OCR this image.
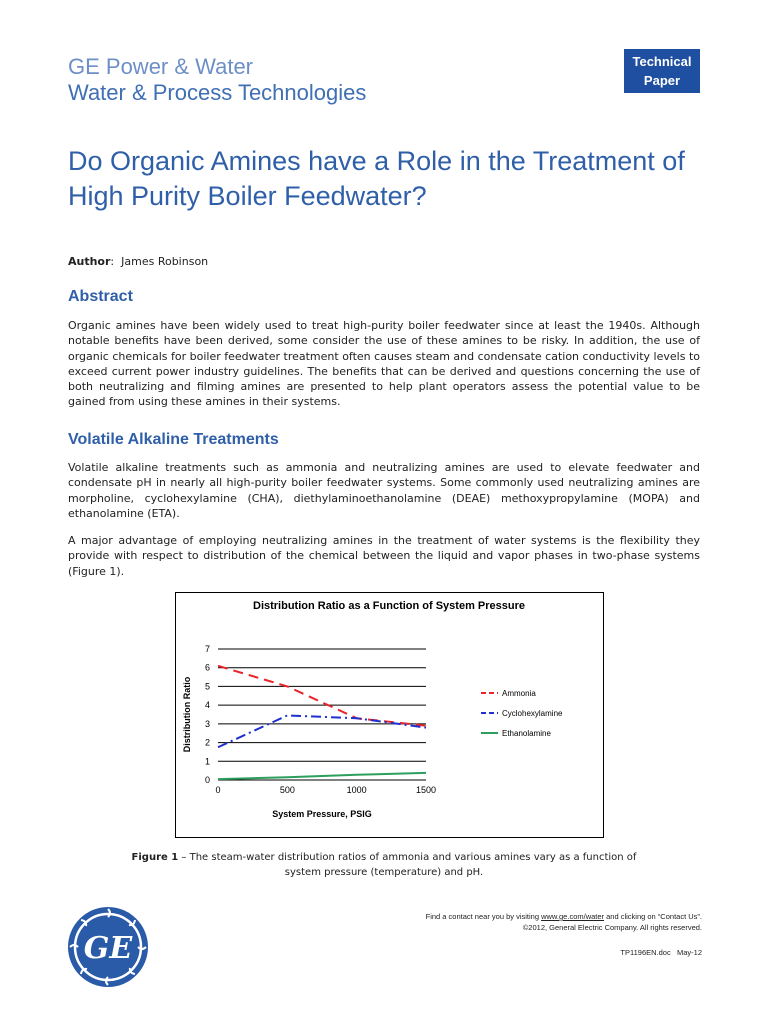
GE Power & Water
Water & Process Technologies
Technical
Paper
Do Organic Amines have a Role in the Treatment of High Purity Boiler Feedwater?
Author:  James Robinson
Abstract

Organic amines have been widely used to treat high-purity boiler feedwater since at least the 1940s. Although notable benefits have been derived, some consider the use of these amines to be risky. In addition, the use of organic chemicals for boiler feedwater treatment often causes steam and condensate cation conductivity levels to exceed current power industry guidelines. The benefits that can be derived and questions concerning the use of both neutralizing and filming amines are presented to help plant operators assess the potential value to be gained from using these amines in their systems.

Volatile Alkaline Treatments

Volatile alkaline treatments such as ammonia and neutralizing amines are used to elevate feedwater and condensate pH in nearly all high-purity boiler feedwater systems. Some commonly used neutralizing amines are morpholine, cyclohexylamine (CHA), diethylaminoethanolamine (DEAE) methoxypropylamine (MOPA) and ethanolamine (ETA).

A major advantage of employing neutralizing amines in the treatment of water systems is the flexibility they provide with respect to distribution of the chemical between the liquid and vapor phases in two-phase systems (Figure 1).

Distribution Ratio as a Function of System Pressure
0
1
2
3
4
5
6
7
0	500	1000	1500
System Pressure, PSIG
Distribution Ratio	Ammonia
Cyclohexylamine
Ethanolamine
Figure 1 – The steam-water distribution ratios of ammonia and various amines vary as a function of system pressure (temperature) and pH.
GE
Find a contact near you by visiting www.ge.com/water and clicking on “Contact Us”.
©2012, General Electric Company. All rights reserved.
TP1196EN.doc May-12
